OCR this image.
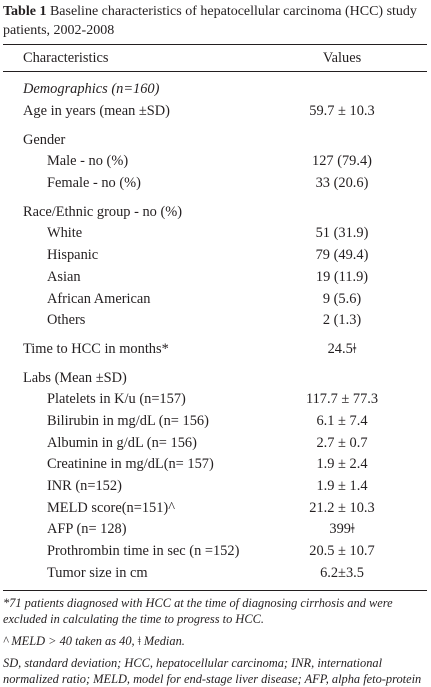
Table 1 Baseline characteristics of hepatocellular carcinoma (HCC) study patients, 2002-2008
Characteristics	Values

Demographics (n=160)	
Age in years (mean ±SD)	59.7 ± 10.3

Gender	
Male - no (%)	127 (79.4)
Female - no (%)	33 (20.6)

Race/Ethnic group - no (%)	
White	51 (31.9)
Hispanic	79 (49.4)
Asian	19 (11.9)
African American	9 (5.6)
Others	2 (1.3)

Time to HCC in months*	24.5ǂ

Labs (Mean ±SD)	
Platelets in K/u (n=157)	117.7 ± 77.3
Bilirubin in mg/dL (n= 156)	6.1 ± 7.4
Albumin in g/dL (n= 156)	2.7 ± 0.7
Creatinine in mg/dL(n= 157)	1.9 ± 2.4
INR (n=152)	1.9 ± 1.4
MELD score(n=151)^	21.2 ± 10.3
AFP (n= 128)	399ǂ
Prothrombin time in sec (n =152)	20.5 ± 10.7
Tumor size in cm	6.2±3.5

*71 patients diagnosed with HCC at the time of diagnosing cirrhosis and were excluded in calculating the time to progress to HCC.

^ MELD > 40 taken as 40, ǂ Median.

SD, standard deviation; HCC, hepatocellular carcinoma; INR, international normalized ratio; MELD, model for end-stage liver disease; AFP, alpha feto-protein
